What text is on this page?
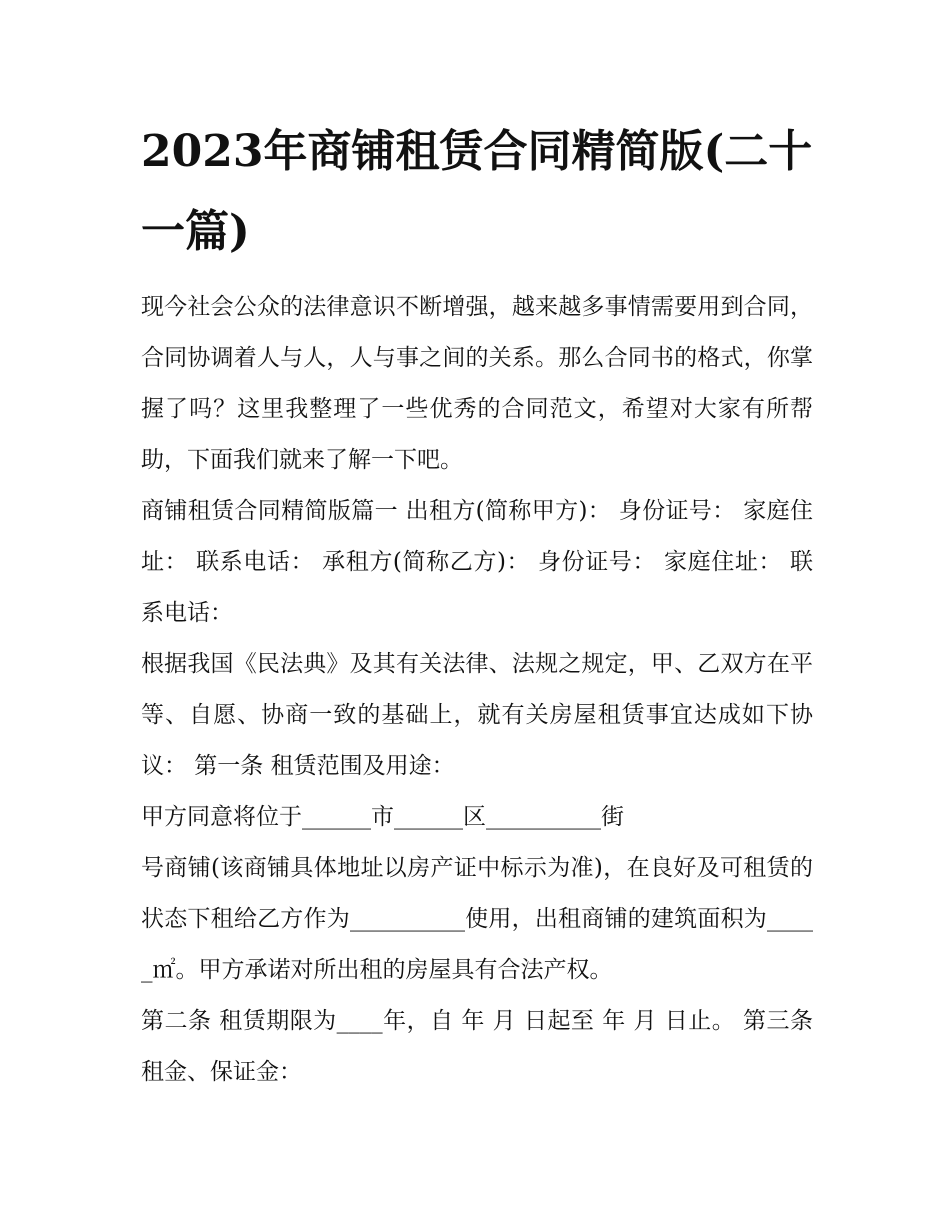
2023年商铺租赁合同精简版(二十一篇)

现今社会公众的法律意识不断增强，越来越多事情需要用到合同，合同协调着人与人，人与事之间的关系。那么合同书的格式，你掌握了吗？这里我整理了一些优秀的合同范文，希望对大家有所帮助，下面我们就来了解一下吧。

商铺租赁合同精简版篇一 出租方(简称甲方)： 身份证号： 家庭住址： 联系电话： 承租方(简称乙方)： 身份证号： 家庭住址： 联系电话：

根据我国《民法典》及其有关法律、法规之规定，甲、乙双方在平等、自愿、协商一致的基础上，就有关房屋租赁事宜达成如下协议： 第一条 租赁范围及用途：

甲方同意将位于______市______区__________街

号商铺(该商铺具体地址以房产证中标示为准)，在良好及可租赁的状态下租给乙方作为__________使用，出租商铺的建筑面积为_____㎡。甲方承诺对所出租的房屋具有合法产权。

第二条 租赁期限为____年，自 年 月 日起至 年 月 日止。 第三条 租金、保证金：
